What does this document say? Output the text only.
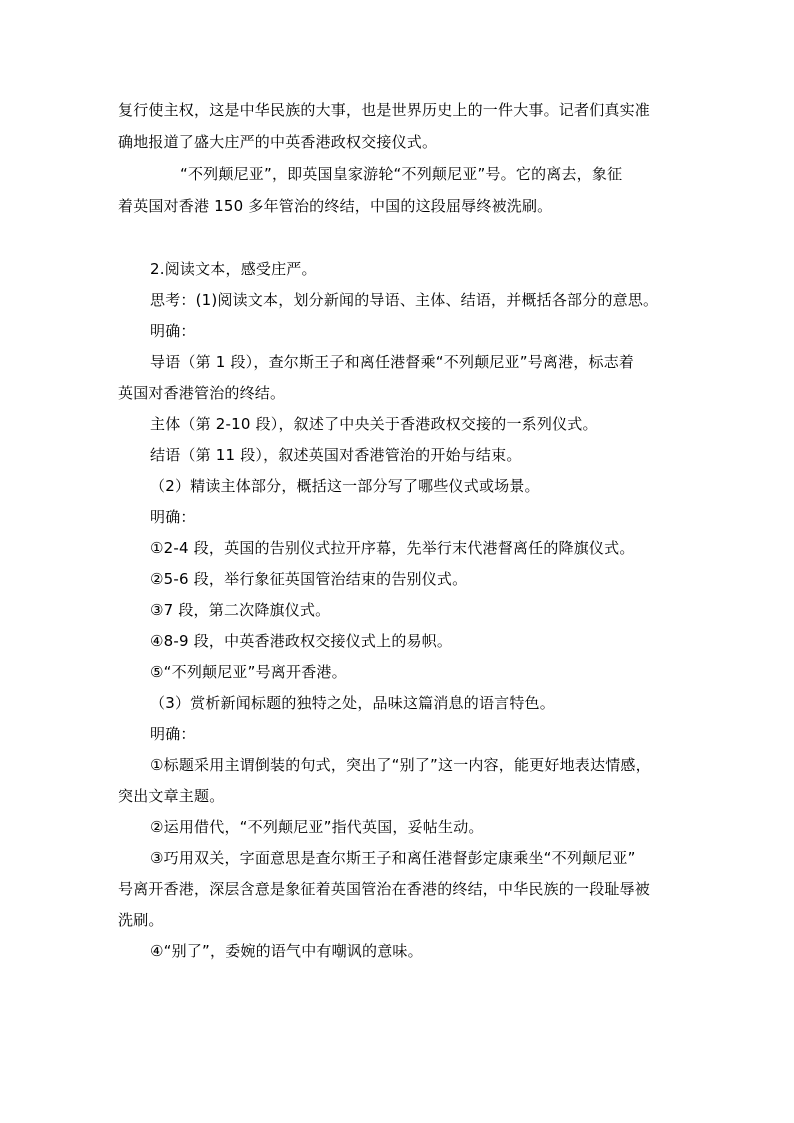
复行使主权，这是中华民族的大事，也是世界历史上的一件大事。记者们真实准
确地报道了盛大庄严的中英香港政权交接仪式。
“不列颠尼亚”，即英国皇家游轮“不列颠尼亚”号。它的离去，象征
着英国对香港 150 多年管治的终结，中国的这段屈辱终被洗刷。
2.阅读文本，感受庄严。
思考：(1)阅读文本，划分新闻的导语、主体、结语，并概括各部分的意思。
明确：
导语（第 1 段），查尔斯王子和离任港督乘“不列颠尼亚”号离港，标志着
英国对香港管治的终结。
主体（第 2-10 段），叙述了中央关于香港政权交接的一系列仪式。
结语（第 11 段），叙述英国对香港管治的开始与结束。
（2）精读主体部分，概括这一部分写了哪些仪式或场景。
明确：
①2-4 段，英国的告别仪式拉开序幕，先举行末代港督离任的降旗仪式。
②5-6 段，举行象征英国管治结束的告别仪式。
③7 段，第二次降旗仪式。
④8-9 段，中英香港政权交接仪式上的易帜。
⑤“不列颠尼亚”号离开香港。
（3）赏析新闻标题的独特之处，品味这篇消息的语言特色。
明确：
①标题采用主谓倒装的句式，突出了“别了”这一内容，能更好地表达情感，
突出文章主题。
②运用借代，“不列颠尼亚”指代英国，妥帖生动。
③巧用双关，字面意思是查尔斯王子和离任港督彭定康乘坐“不列颠尼亚”
号离开香港，深层含意是象征着英国管治在香港的终结，中华民族的一段耻辱被
洗刷。
④“别了”，委婉的语气中有嘲讽的意味。
